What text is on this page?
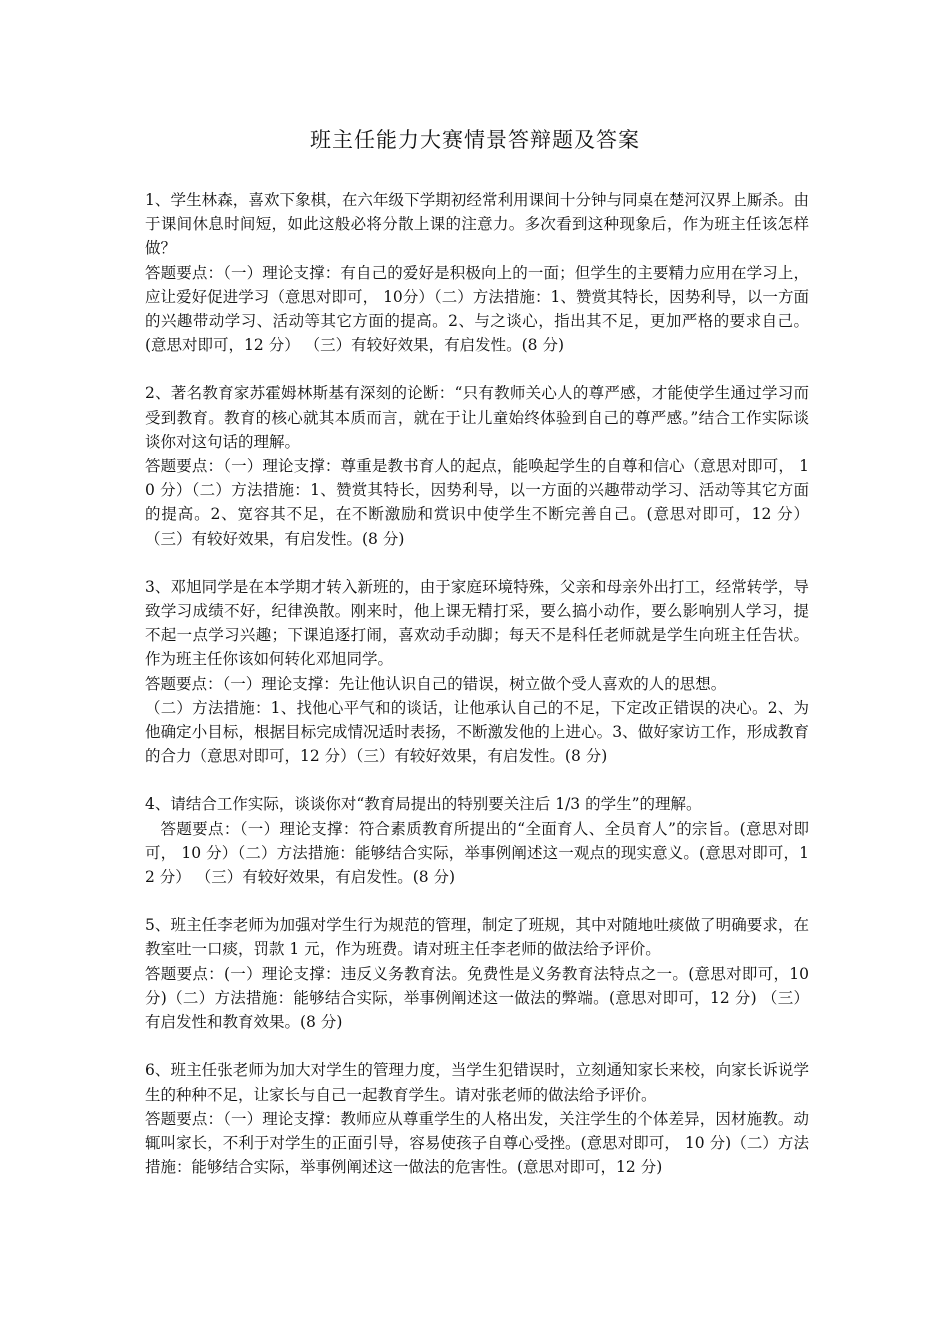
班主任能力大赛情景答辩题及答案

1、学生林森，喜欢下象棋，在六年级下学期初经常利用课间十分钟与同桌在楚河汉界上厮杀。由于课间休息时间短，如此这般必将分散上课的注意力。多次看到这种现象后，作为班主任该怎样做？

答题要点：（一）理论支撑：有自己的爱好是积极向上的一面；但学生的主要精力应用在学习上，应让爱好促进学习（意思对即可， 10分）（二）方法措施：1、赞赏其特长，因势利导，以一方面的兴趣带动学习、活动等其它方面的提高。2、与之谈心，指出其不足，更加严格的要求自己。(意思对即可，12 分） （三）有较好效果，有启发性。(8 分)

2、著名教育家苏霍姆林斯基有深刻的论断：“只有教师关心人的尊严感，才能使学生通过学习而受到教育。教育的核心就其本质而言，就在于让儿童始终体验到自己的尊严感。”结合工作实际谈谈你对这句话的理解。

答题要点：（一）理论支撑：尊重是教书育人的起点，能唤起学生的自尊和信心（意思对即可， 10 分）（二）方法措施：1、赞赏其特长，因势利导，以一方面的兴趣带动学习、活动等其它方面的提高。2、宽容其不足，在不断激励和赏识中使学生不断完善自己。(意思对即可，12 分） （三）有较好效果，有启发性。(8 分)

3、邓旭同学是在本学期才转入新班的，由于家庭环境特殊，父亲和母亲外出打工，经常转学，导致学习成绩不好，纪律涣散。刚来时，他上课无精打采，要么搞小动作，要么影响别人学习，提不起一点学习兴趣；下课追逐打闹，喜欢动手动脚；每天不是科任老师就是学生向班主任告状。作为班主任你该如何转化邓旭同学。

答题要点：（一）理论支撑：先让他认识自己的错误，树立做个受人喜欢的人的思想。

（二）方法措施：1、找他心平气和的谈话，让他承认自己的不足，下定改正错误的决心。2、为他确定小目标，根据目标完成情况适时表扬，不断激发他的上进心。3、做好家访工作，形成教育的合力（意思对即可，12 分）（三）有较好效果，有启发性。(8 分)

4、请结合工作实际，谈谈你对“教育局提出的特别要关注后 1/3 的学生”的理解。

答题要点：（一）理论支撑：符合素质教育所提出的“全面育人、全员育人”的宗旨。(意思对即可， 10 分）（二）方法措施：能够结合实际，举事例阐述这一观点的现实意义。(意思对即可，12 分） （三）有较好效果，有启发性。(8 分)

5、班主任李老师为加强对学生行为规范的管理，制定了班规，其中对随地吐痰做了明确要求，在教室吐一口痰，罚款 1 元，作为班费。请对班主任李老师的做法给予评价。

答题要点：(一）理论支撑：违反义务教育法。免费性是义务教育法特点之一。(意思对即可，10 分)（二）方法措施：能够结合实际，举事例阐述这一做法的弊端。(意思对即可，12 分) （三）有启发性和教育效果。(8 分)

6、班主任张老师为加大对学生的管理力度，当学生犯错误时，立刻通知家长来校，向家长诉说学生的种种不足，让家长与自己一起教育学生。请对张老师的做法给予评价。

答题要点：（一）理论支撑：教师应从尊重学生的人格出发，关注学生的个体差异，因材施教。动辄叫家长，不利于对学生的正面引导，容易使孩子自尊心受挫。(意思对即可， 10 分)（二）方法措施：能够结合实际，举事例阐述这一做法的危害性。(意思对即可，12 分)
